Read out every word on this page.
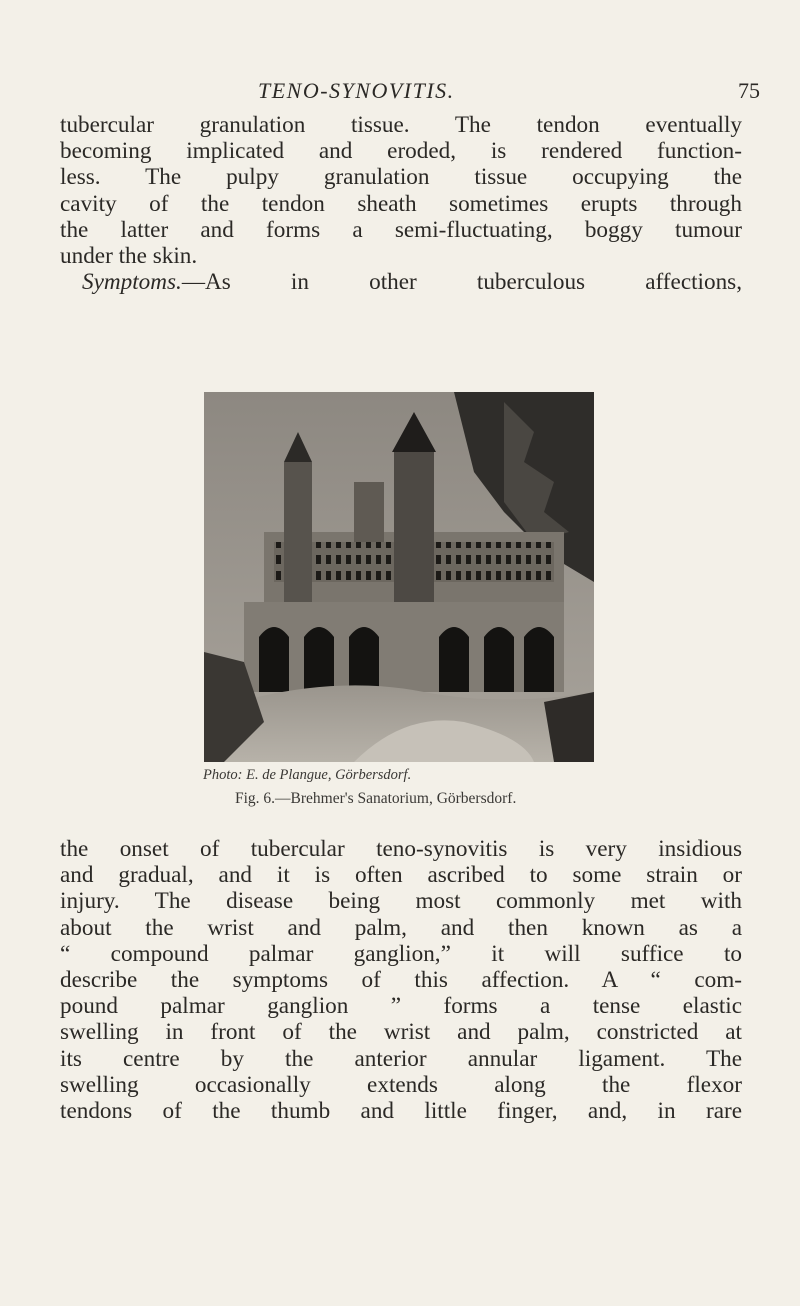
TENO-SYNOVITIS.	75
tubercular granulation tissue. The tendon eventually
becoming implicated and eroded, is rendered function-
less. The pulpy granulation tissue occupying the
cavity of the tendon sheath sometimes erupts through
the latter and forms a semi-fluctuating, boggy tumour
under the skin.
Symptoms.—As in other tuberculous affections,
Photo: E. de Plangue, Görbersdorf.
Fig. 6.—Brehmer's Sanatorium, Görbersdorf.
the onset of tubercular teno-synovitis is very insidious
and gradual, and it is often ascribed to some strain or
injury. The disease being most commonly met with
about the wrist and palm, and then known as a
“ compound palmar ganglion,” it will suffice to
describe the symptoms of this affection. A “ com-
pound palmar ganglion ” forms a tense elastic
swelling in front of the wrist and palm, constricted at
its centre by the anterior annular ligament. The
swelling occasionally extends along the flexor
tendons of the thumb and little finger, and, in rare
